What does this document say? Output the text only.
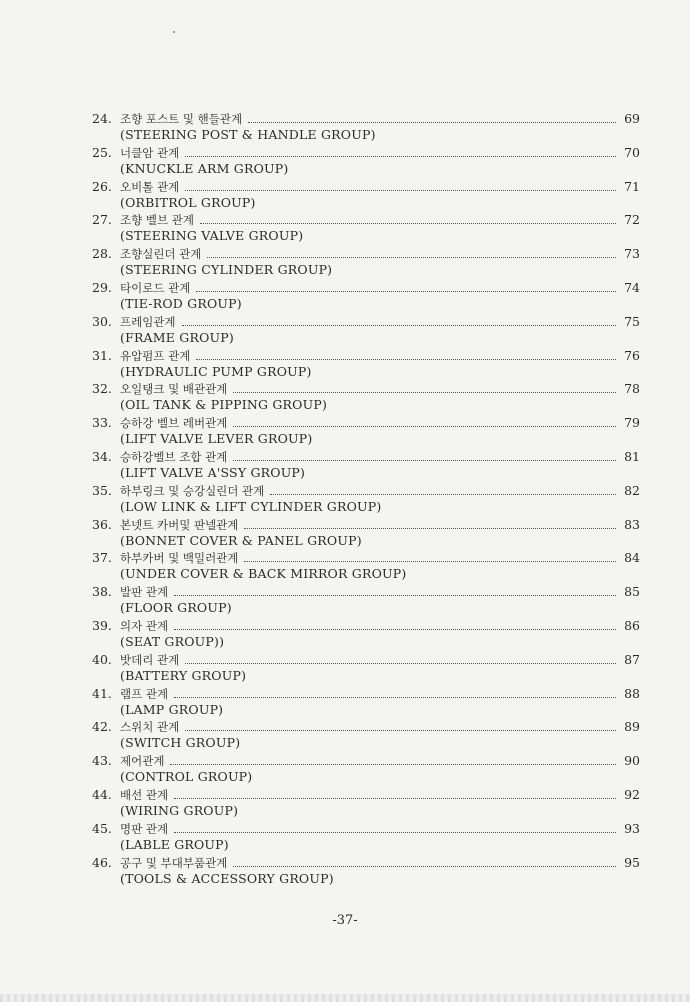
24. 조향 포스트 및 핸들관계	69
(STEERING POST & HANDLE GROUP)
25. 너클암 관계	70
(KNUCKLE ARM GROUP)
26. 오비톨 관계	71
(ORBITROL GROUP)
27. 조향 벨브 관계	72
(STEERING VALVE GROUP)
28. 조향실린더 관계	73
(STEERING CYLINDER GROUP)
29. 타이로드 관계	74
(TIE-ROD GROUP)
30. 프레임관계	75
(FRAME GROUP)
31. 유압펌프 관계	76
(HYDRAULIC PUMP GROUP)
32. 오일탱크 및 배관관계	78
(OIL TANK & PIPPING GROUP)
33. 승하강 벨브 레버관계	79
(LIFT VALVE LEVER GROUP)
34. 승하강벨브 조합 관계	81
(LIFT VALVE A'SSY GROUP)
35. 하부링크 및 승강실린더 관계	82
(LOW LINK & LIFT CYLINDER GROUP)
36. 본넷트 카버및 판넬관계	83
(BONNET COVER & PANEL GROUP)
37. 하부카버 및 백밀러관계	84
(UNDER COVER & BACK MIRROR GROUP)
38. 발판 관계	85
(FLOOR GROUP)
39. 의자 관계	86
(SEAT GROUP))
40. 밧데리 관계	87
(BATTERY GROUP)
41. 램프 관계	88
(LAMP GROUP)
42. 스위치 관계	89
(SWITCH GROUP)
43. 제어관계	90
(CONTROL GROUP)
44. 배선 관계	92
(WIRING GROUP)
45. 명판 관계	93
(LABLE GROUP)
46. 공구 및 부대부품관계	95
(TOOLS & ACCESSORY GROUP)
-37-
